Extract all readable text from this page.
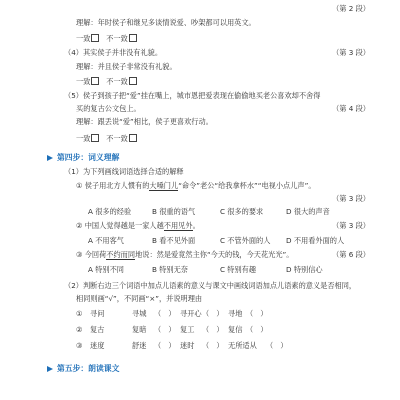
（第 2 段）
理解：年时侯子和继兄多谈情说爱、吵架都可以用英文。
一致 不一致
（4）其实侯子并非没有礼貌。	（第 3 段）
理解：并且侯子非常没有礼貌。
一致 不一致
（5）侯子到孩子把“爱”挂在嘴上，城市恩把爱表现在偷偷地买老公喜欢却不舍得
买的复古公文包上。	（第 4 段）
理解：跟丢说“爱”相比，侯子更喜欢行动。
一致 不一致
第四步：词义理解
（1）为下列画线词语选择合适的解释
① 侯子用北方人惯有的大嗓门儿“命令”老公“给我拿杯水”“电视小点儿声”。
（第 3 段）
A 很多的经验	B 很重的语气	C 很多的要求	D 很大的声音
② 中国人觉得越是一家人越不用见外。	（第 3 段）
A 不用客气	B 看不见外面	C 不管外面的人 D 不用看外面的人
③ 今回荷不约而同地说：然是爱竟然主你“今天的钱，今天花光光”。	（第 6 段）
A 特别不同	B 特别无奈	C 特别有趣	D 特别信心
（2）判断右边三个词语中加点儿语素的意义与课文中画线词语加点儿语素的意义是否相同，
相同则画“√”，不同画“×”，并说明理由
① 寻问	寻城 （　） 寻开心 （　） 寻地 （　）
② 复古	复暗 （　） 复工 （　） 复信 （　）
③ 迷度	舒迷 （　） 迷时 （　） 无所适从 （　）
第五步：朗读课文
